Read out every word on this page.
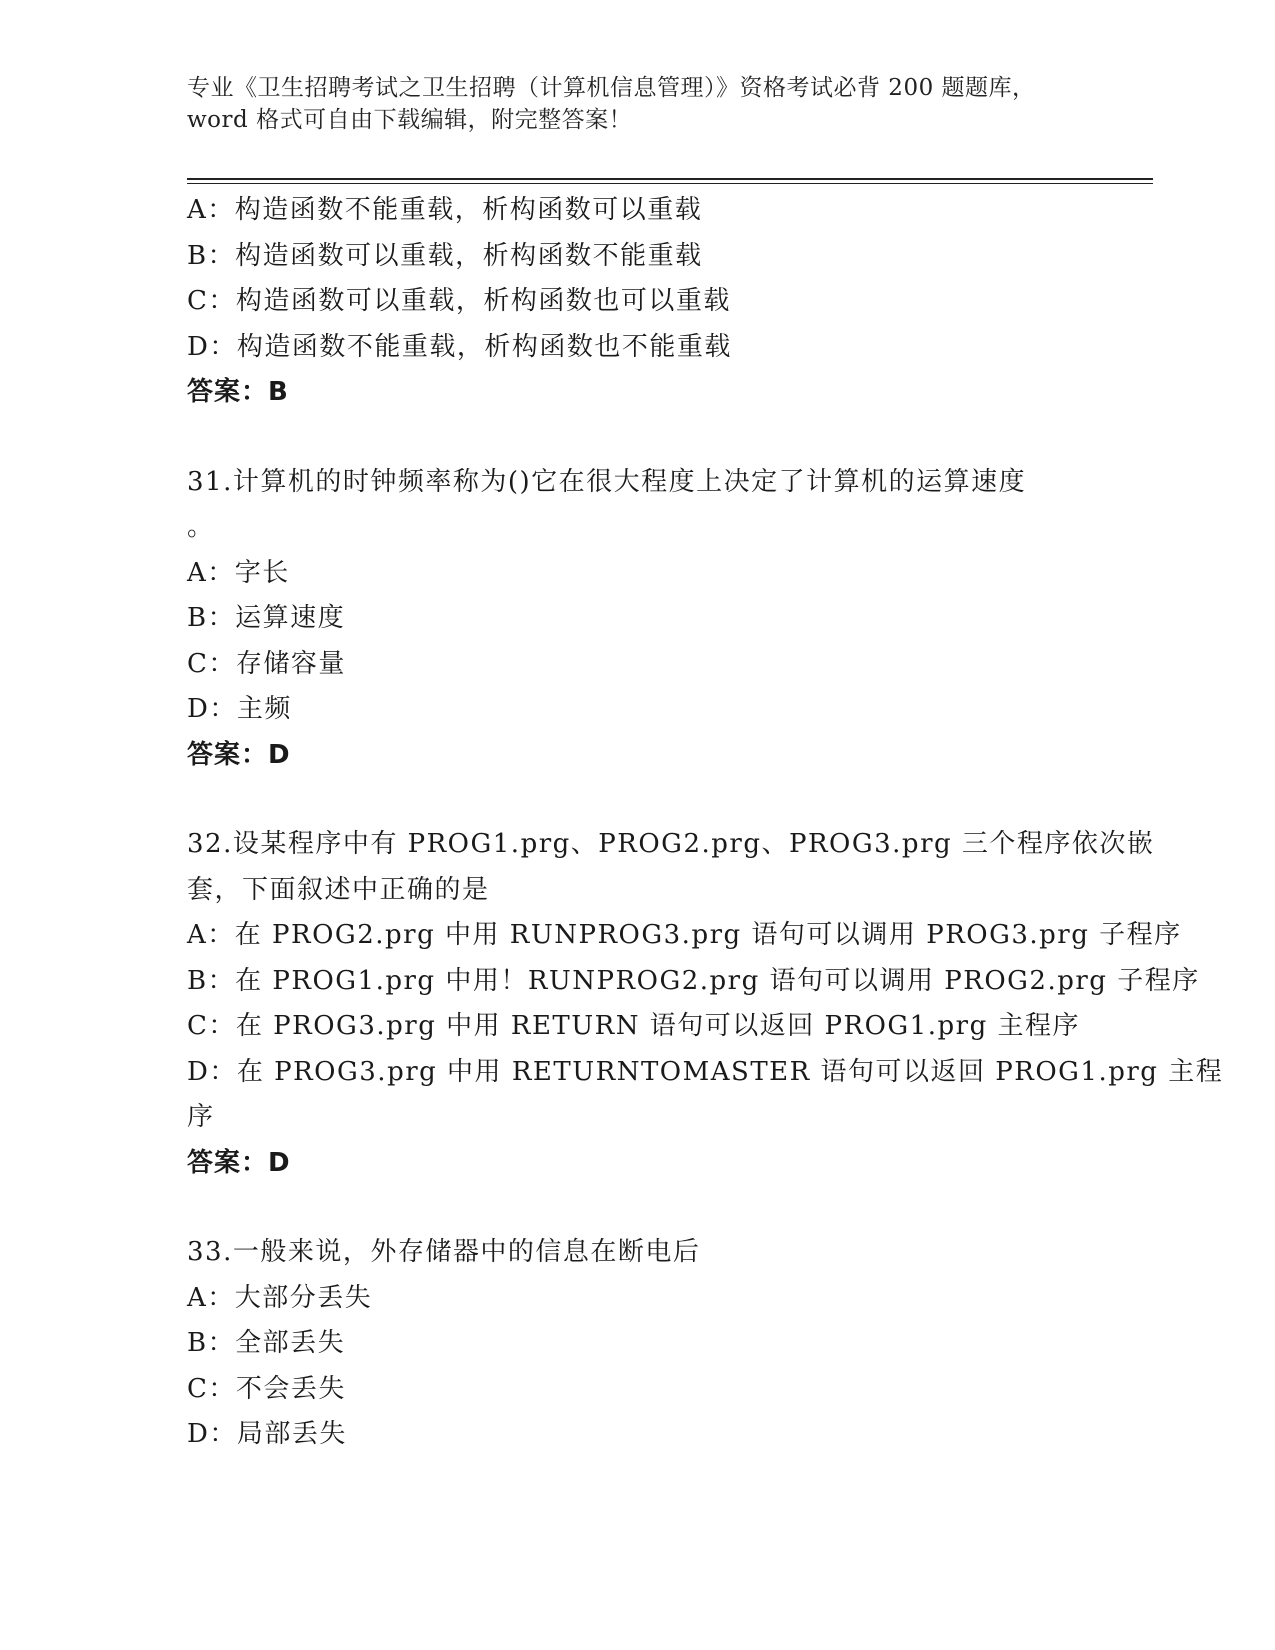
专业《卫生招聘考试之卫生招聘（计算机信息管理）》资格考试必背 200 题题库，
word 格式可自由下载编辑，附完整答案！
A：构造函数不能重载，析构函数可以重载
B：构造函数可以重载，析构函数不能重载
C：构造函数可以重载，析构函数也可以重载
D：构造函数不能重载，析构函数也不能重载
答案：B
31.计算机的时钟频率称为()它在很大程度上决定了计算机的运算速度
。
A：字长
B：运算速度
C：存储容量
D：主频
答案：D
32.设某程序中有 PROG1.prg、PROG2.prg、PROG3.prg 三个程序依次嵌
套，下面叙述中正确的是
A：在 PROG2.prg 中用 RUNPROG3.prg 语句可以调用 PROG3.prg 子程序
B：在 PROG1.prg 中用！RUNPROG2.prg 语句可以调用 PROG2.prg 子程序
C：在 PROG3.prg 中用 RETURN 语句可以返回 PROG1.prg 主程序
D：在 PROG3.prg 中用 RETURNTOMASTER 语句可以返回 PROG1.prg 主程
序
答案：D
33.一般来说，外存储器中的信息在断电后
A：大部分丢失
B：全部丢失
C：不会丢失
D：局部丢失
